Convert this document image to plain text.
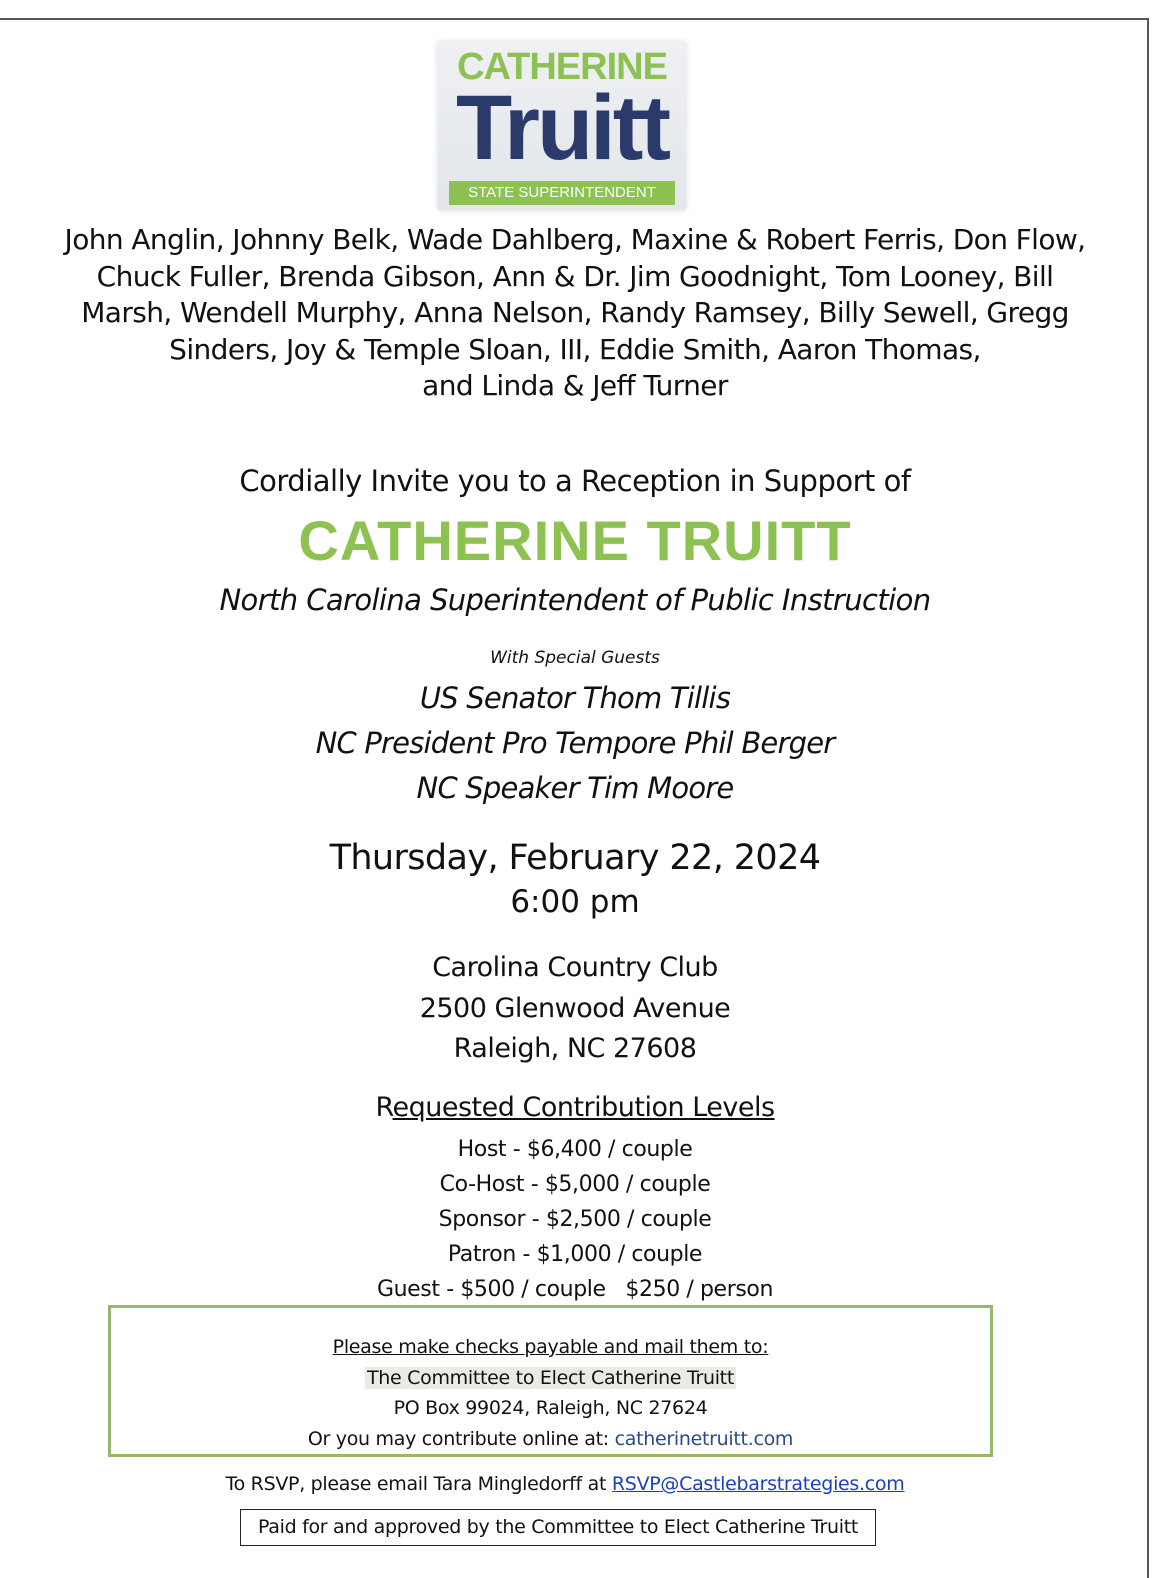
CATHERINE
Truitt
STATE SUPERINTENDENT
John Anglin, Johnny Belk, Wade Dahlberg, Maxine & Robert Ferris, Don Flow,
Chuck Fuller, Brenda Gibson, Ann & Dr. Jim Goodnight, Tom Looney, Bill
Marsh, Wendell Murphy, Anna Nelson, Randy Ramsey, Billy Sewell, Gregg
Sinders, Joy & Temple Sloan, III, Eddie Smith, Aaron Thomas,
and Linda & Jeff Turner
Cordially Invite you to a Reception in Support of
CATHERINE TRUITT
North Carolina Superintendent of Public Instruction
With Special Guests
US Senator Thom Tillis
NC President Pro Tempore Phil Berger
NC Speaker Tim Moore
Thursday, February 22, 2024
6:00 pm
Carolina Country Club
2500 Glenwood Avenue
Raleigh, NC 27608
Requested Contribution Levels
Host - $6,400 / couple
Co-Host - $5,000 / couple
Sponsor - $2,500 / couple
Patron - $1,000 / couple
Guest - $500 / couple   $250 / person
Please make checks payable and mail them to:
The Committee to Elect Catherine Truitt
PO Box 99024, Raleigh, NC 27624
Or you may contribute online at: catherinetruitt.com
To RSVP, please email Tara Mingledorff at RSVP@Castlebarstrategies.com
Paid for and approved by the Committee to Elect Catherine Truitt
